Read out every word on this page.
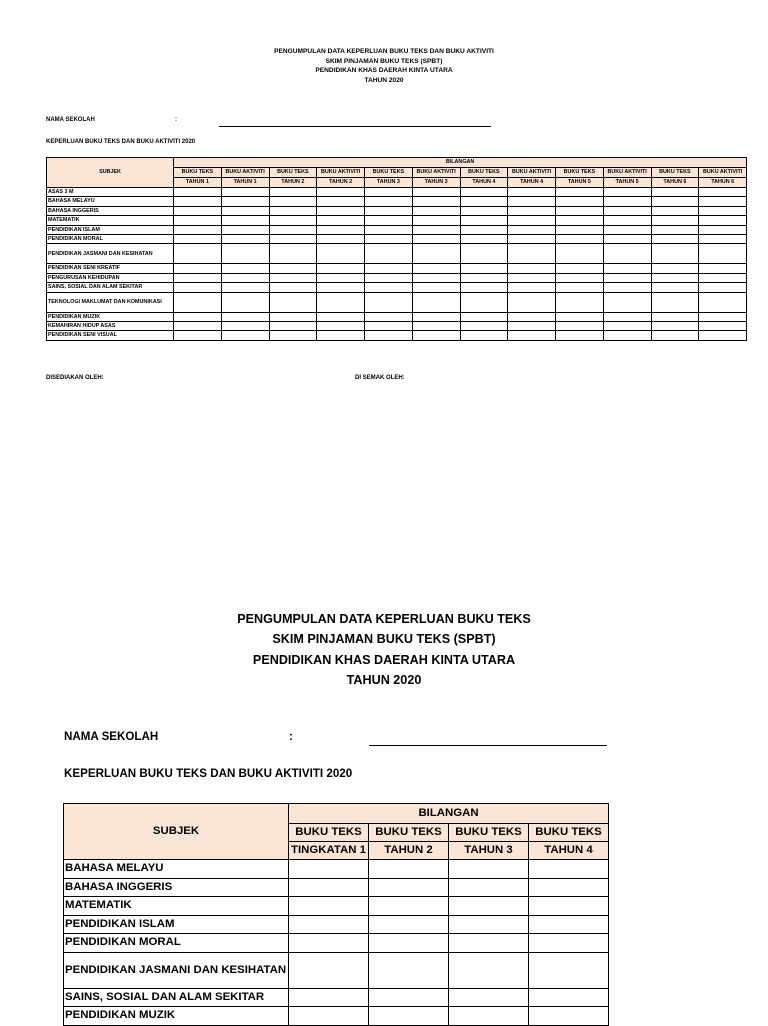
PENGUMPULAN DATA KEPERLUAN BUKU TEKS DAN BUKU AKTIVITI
SKIM PINJAMAN BUKU TEKS (SPBT)
PENDIDIKAN KHAS DAERAH KINTA UTARA
TAHUN 2020
NAMA SEKOLAH	:
KEPERLUAN BUKU TEKS DAN BUKU AKTIVITI 2020
SUBJEK	BILANGAN											
	BUKU TEKS	BUKU AKTIVITI	BUKU TEKS	BUKU AKTIVITI	BUKU TEKS	BUKU AKTIVITI	BUKU TEKS	BUKU AKTIVITI	BUKU TEKS	BUKU AKTIVITI	BUKU TEKS	BUKU AKTIVITI
	TAHUN 1	TAHUN 1	TAHUN 2	TAHUN 2	TAHUN 3	TAHUN 3	TAHUN 4	TAHUN 4	TAHUN 5	TAHUN 5	TAHUN 6	TAHUN 6
ASAS 3 M												
BAHASA MELAYU												
BAHASA INGGERIS												
MATEMATIK												
PENDIDIKAN ISLAM												
PENDIDIKAN MORAL												
PENDIDIKAN JASMANI DAN KESIHATAN												
PENDIDIKAN SENI KREATIF												
PENGURUSAN KEHIDUPAN												
SAINS, SOSIAL DAN ALAM SEKITAR												
TEKNOLOGI MAKLUMAT DAN KOMUNIKASI												
PENDIDIKAN MUZIK												
KEMAHIRAN HIDUP ASAS												
PENDIDIKAN SENI VISUAL												
DISEDIAKAN OLEH:	DI SEMAK OLEH:
PENGUMPULAN DATA KEPERLUAN BUKU TEKS
SKIM PINJAMAN BUKU TEKS (SPBT)
PENDIDIKAN KHAS DAERAH KINTA UTARA
TAHUN 2020
NAMA SEKOLAH	:
KEPERLUAN BUKU TEKS DAN BUKU AKTIVITI 2020
SUBJEK	BILANGAN			
	BUKU TEKS	BUKU TEKS	BUKU TEKS	BUKU TEKS
	TINGKATAN 1	TAHUN 2	TAHUN 3	TAHUN 4
BAHASA MELAYU				
BAHASA INGGERIS				
MATEMATIK				
PENDIDIKAN ISLAM				
PENDIDIKAN MORAL				
PENDIDIKAN JASMANI DAN KESIHATAN				
SAINS, SOSIAL DAN ALAM SEKITAR				
PENDIDIKAN MUZIK				
